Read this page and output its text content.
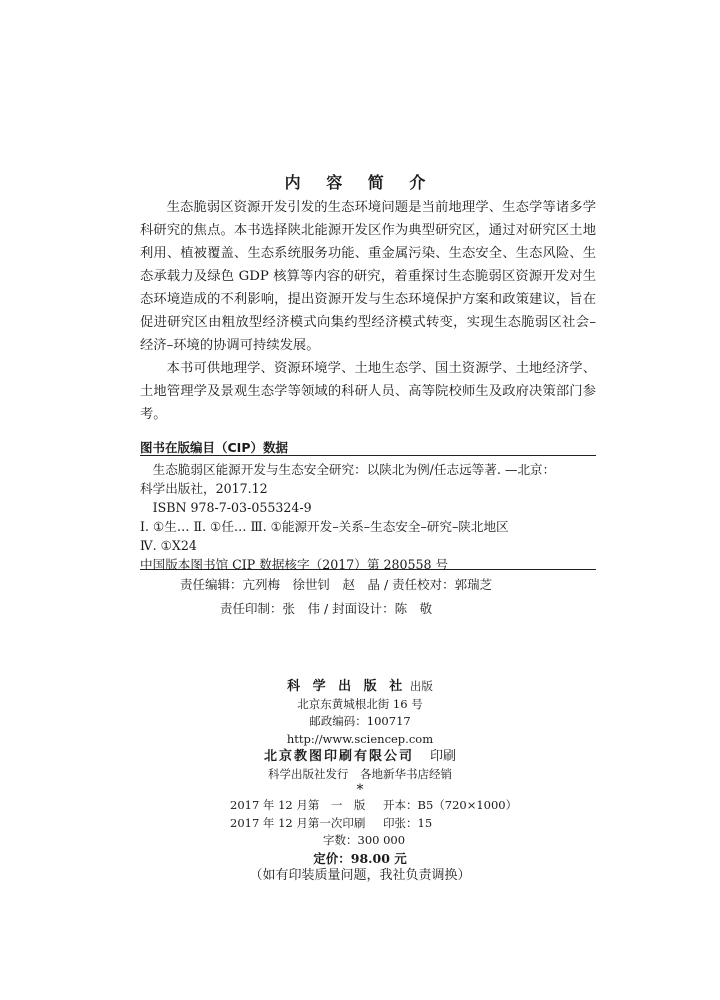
内 容 简 介

生态脆弱区资源开发引发的生态环境问题是当前地理学、生态学等诸多学科研究的焦点。本书选择陕北能源开发区作为典型研究区，通过对研究区土地利用、植被覆盖、生态系统服务功能、重金属污染、生态安全、生态风险、生态承载力及绿色 GDP 核算等内容的研究，着重探讨生态脆弱区资源开发对生态环境造成的不利影响，提出资源开发与生态环境保护方案和政策建议，旨在促进研究区由粗放型经济模式向集约型经济模式转变，实现生态脆弱区社会–经济–环境的协调可持续发展。

本书可供地理学、资源环境学、土地生态学、国土资源学、土地经济学、土地管理学及景观生态学等领域的科研人员、高等院校师生及政府决策部门参考。

图书在版编目（CIP）数据
生态脆弱区能源开发与生态安全研究：以陕北为例/任志远等著. —北京：
科学出版社，2017.12
ISBN 978-7-03-055324-9
Ⅰ. ①生… Ⅱ. ①任… Ⅲ. ①能源开发–关系–生态安全–研究–陕北地区
Ⅳ. ①X24
中国版本图书馆 CIP 数据核字（2017）第 280558 号
责任编辑：亢列梅　徐世钊　赵　晶 / 责任校对：郭瑞芝
责任印制：张　伟 / 封面设计：陈　敬
科 学 出 版 社 出版
北京东黄城根北街 16 号
邮政编码：100717
http://www.sciencep.com
北京教图印刷有限公司 印刷
科学出版社发行　各地新华书店经销
*
2017 年 12 月第　一　版 开本：B5（720×1000）
2017 年 12 月第一次印刷 印张：15
字数：300 000
定价：98.00 元
（如有印装质量问题，我社负责调换）
